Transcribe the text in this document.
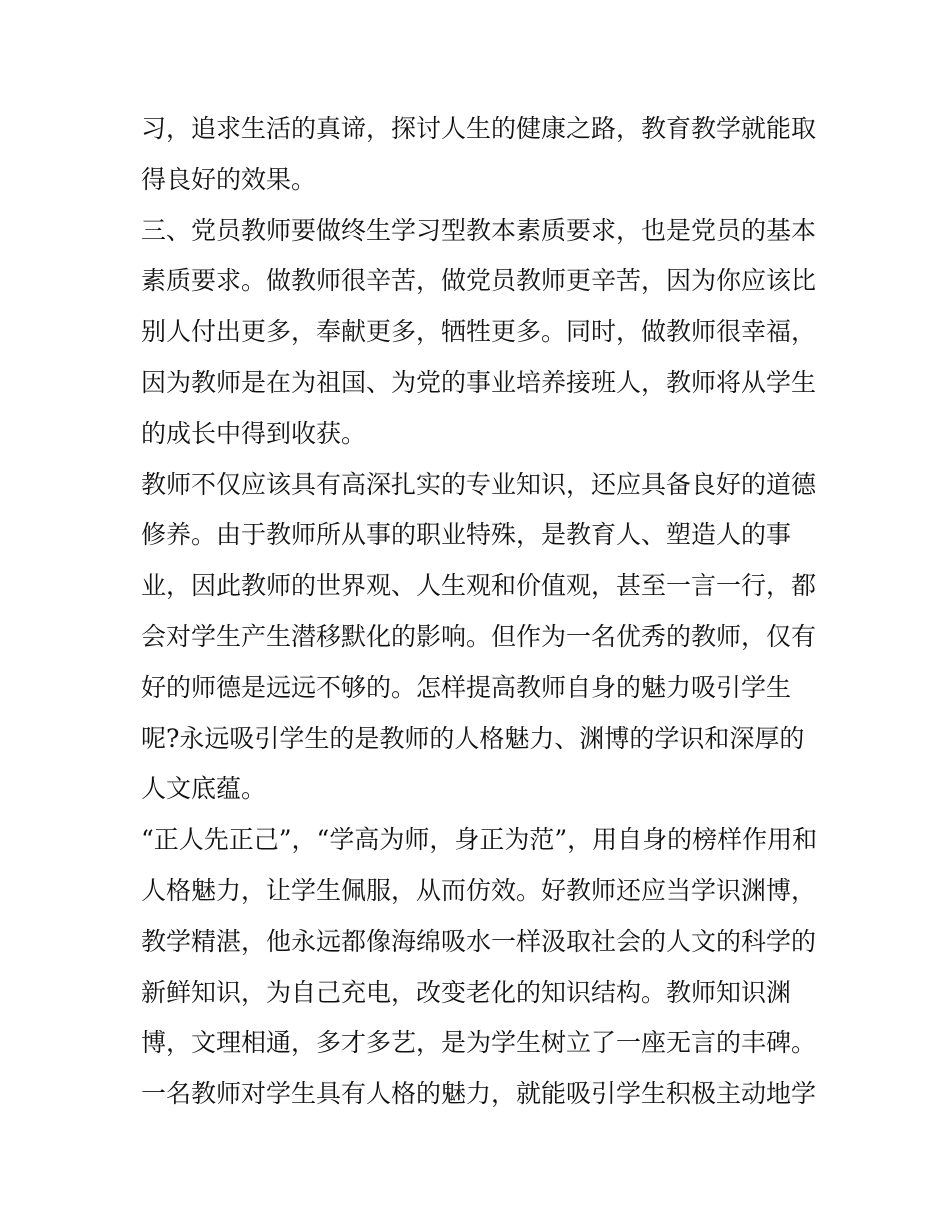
习，追求生活的真谛，探讨人生的健康之路，教育教学就能取
得良好的效果。
三、党员教师要做终生学习型教本素质要求，也是党员的基本
素质要求。做教师很辛苦，做党员教师更辛苦，因为你应该比
别人付出更多，奉献更多，牺牲更多。同时，做教师很幸福，
因为教师是在为祖国、为党的事业培养接班人，教师将从学生
的成长中得到收获。
教师不仅应该具有高深扎实的专业知识，还应具备良好的道德
修养。由于教师所从事的职业特殊，是教育人、塑造人的事
业，因此教师的世界观、人生观和价值观，甚至一言一行，都
会对学生产生潜移默化的影响。但作为一名优秀的教师，仅有
好的师德是远远不够的。怎样提高教师自身的魅力吸引学生
呢?永远吸引学生的是教师的人格魅力、渊博的学识和深厚的
人文底蕴。
“正人先正己”，“学高为师，身正为范”，用自身的榜样作用和
人格魅力，让学生佩服，从而仿效。好教师还应当学识渊博，
教学精湛，他永远都像海绵吸水一样汲取社会的人文的科学的
新鲜知识，为自己充电，改变老化的知识结构。教师知识渊
博，文理相通，多才多艺，是为学生树立了一座无言的丰碑。
一名教师对学生具有人格的魅力，就能吸引学生积极主动地学
